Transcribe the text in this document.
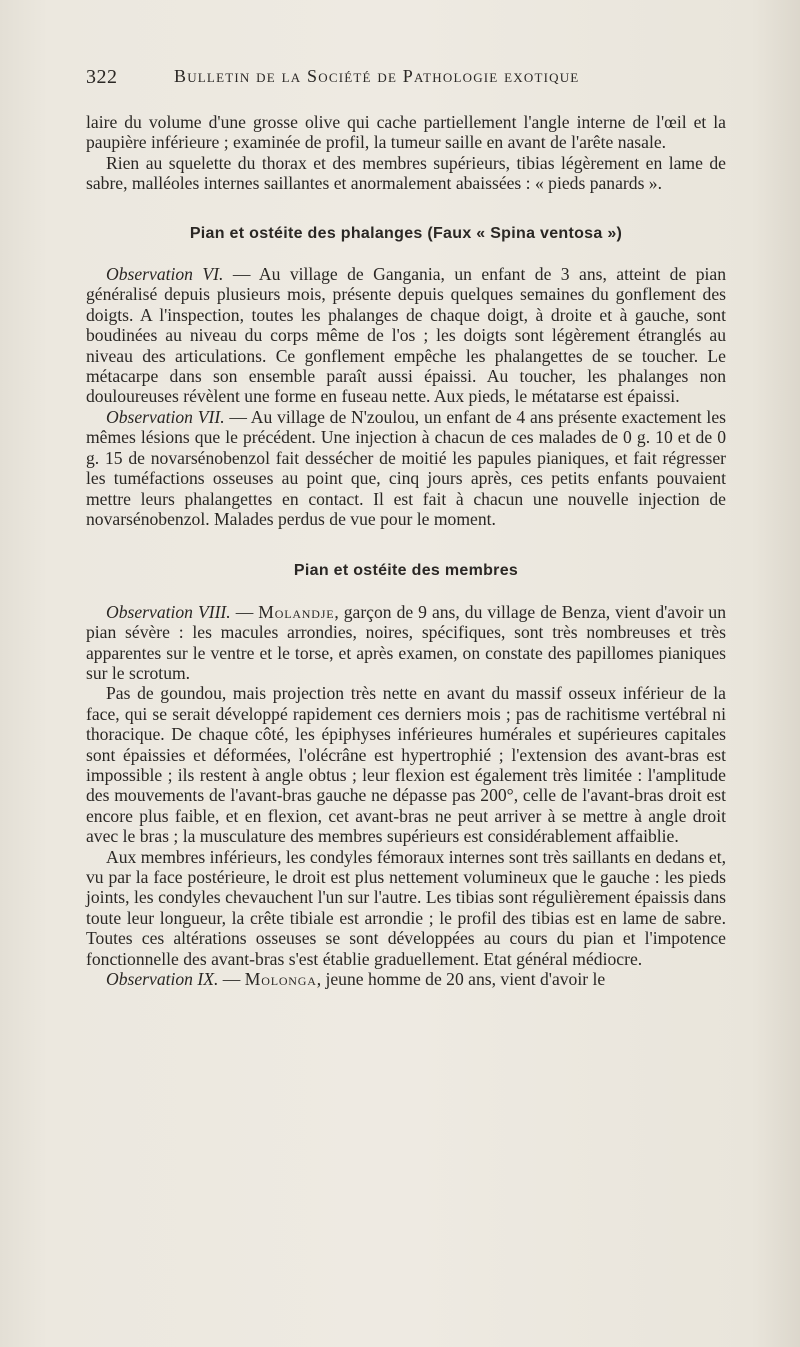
322	Bulletin de la Société de Pathologie exotique

laire du volume d'une grosse olive qui cache partiellement l'angle interne de l'œil et la paupière inférieure ; examinée de profil, la tumeur saille en avant de l'arête nasale.

Rien au squelette du thorax et des membres supérieurs, tibias légèrement en lame de sabre, malléoles internes saillantes et anormalement abaissées : « pieds panards ».

Pian et ostéite des phalanges (Faux « Spina ventosa »)

Observation VI. — Au village de Gangania, un enfant de 3 ans, atteint de pian généralisé depuis plusieurs mois, présente depuis quelques semaines du gonflement des doigts. A l'inspection, toutes les phalanges de chaque doigt, à droite et à gauche, sont boudinées au niveau du corps même de l'os ; les doigts sont légèrement étranglés au niveau des articulations. Ce gonflement empêche les phalangettes de se toucher. Le métacarpe dans son ensemble paraît aussi épaissi. Au toucher, les phalanges non douloureuses révèlent une forme en fuseau nette. Aux pieds, le métatarse est épaissi.

Observation VII. — Au village de N'zoulou, un enfant de 4 ans présente exactement les mêmes lésions que le précédent. Une injection à chacun de ces malades de 0 g. 10 et de 0 g. 15 de novarsénobenzol fait dessécher de moitié les papules pianiques, et fait régresser les tuméfactions osseuses au point que, cinq jours après, ces petits enfants pouvaient mettre leurs phalangettes en contact. Il est fait à chacun une nouvelle injection de novarsénobenzol. Malades perdus de vue pour le moment.

Pian et ostéite des membres

Observation VIII. — Molandje, garçon de 9 ans, du village de Benza, vient d'avoir un pian sévère : les macules arrondies, noires, spécifiques, sont très nombreuses et très apparentes sur le ventre et le torse, et après examen, on constate des papillomes pianiques sur le scrotum.

Pas de goundou, mais projection très nette en avant du massif osseux inférieur de la face, qui se serait développé rapidement ces derniers mois ; pas de rachitisme vertébral ni thoracique. De chaque côté, les épiphyses inférieures humérales et supérieures capitales sont épaissies et déformées, l'olécrâne est hypertrophié ; l'extension des avant-bras est impossible ; ils restent à angle obtus ; leur flexion est également très limitée : l'amplitude des mouvements de l'avant-bras gauche ne dépasse pas 200°, celle de l'avant-bras droit est encore plus faible, et en flexion, cet avant-bras ne peut arriver à se mettre à angle droit avec le bras ; la musculature des membres supérieurs est considérablement affaiblie.

Aux membres inférieurs, les condyles fémoraux internes sont très saillants en dedans et, vu par la face postérieure, le droit est plus nettement volumineux que le gauche : les pieds joints, les condyles chevauchent l'un sur l'autre. Les tibias sont régulièrement épaissis dans toute leur longueur, la crête tibiale est arrondie ; le profil des tibias est en lame de sabre. Toutes ces altérations osseuses se sont développées au cours du pian et l'impotence fonctionnelle des avant-bras s'est établie graduellement. Etat général médiocre.

Observation IX. — Molonga, jeune homme de 20 ans, vient d'avoir le
